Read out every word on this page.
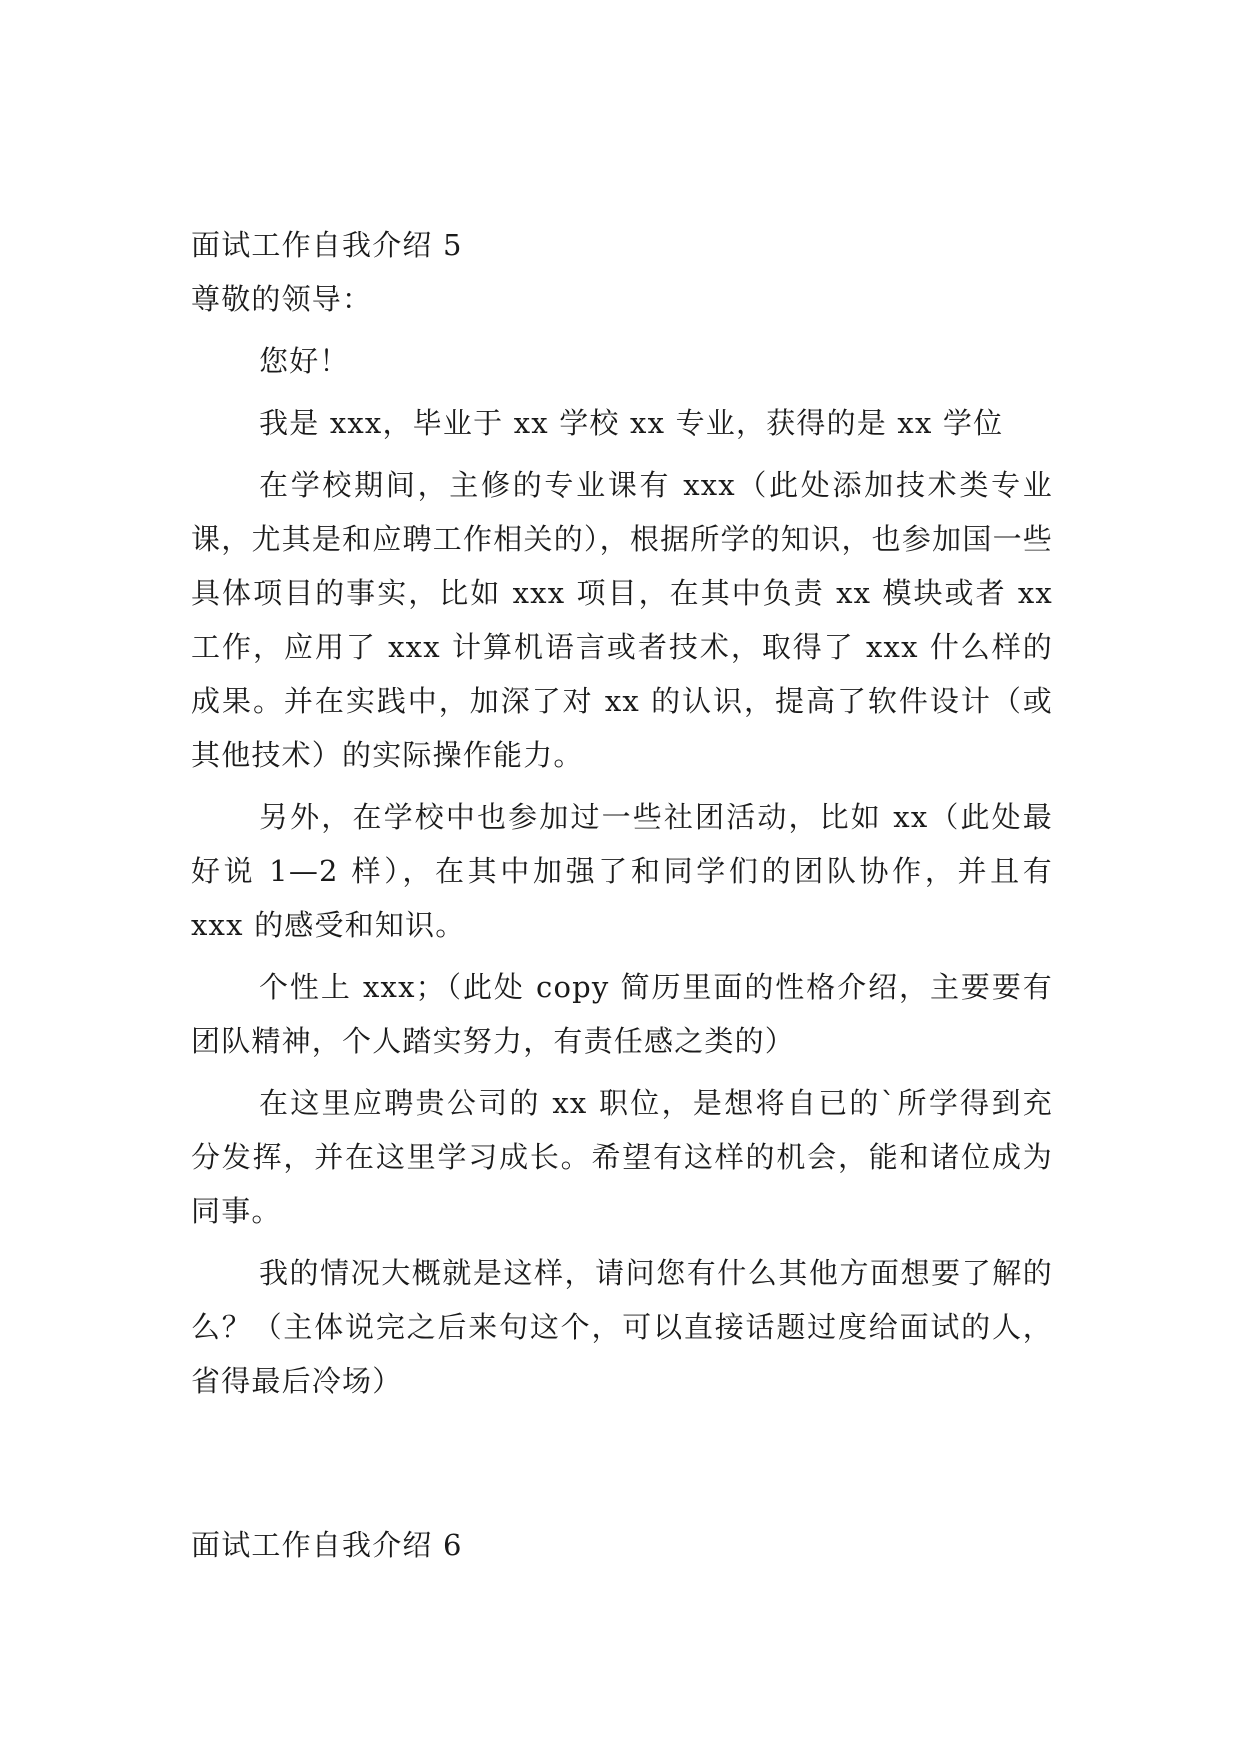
面试工作自我介绍 5

尊敬的领导：

您好！

我是 xxx，毕业于 xx 学校 xx 专业，获得的是 xx 学位

在学校期间，主修的专业课有 xxx（此处添加技术类专业课，尤其是和应聘工作相关的），根据所学的知识，也参加国一些具体项目的事实，比如 xxx 项目，在其中负责 xx 模块或者 xx 工作，应用了 xxx 计算机语言或者技术，取得了 xxx 什么样的成果。并在实践中，加深了对 xx 的认识，提高了软件设计（或其他技术）的实际操作能力。

另外，在学校中也参加过一些社团活动，比如 xx（此处最好说 1—2 样），在其中加强了和同学们的团队协作，并且有 xxx 的感受和知识。

个性上 xxx；（此处 copy 简历里面的性格介绍，主要要有团队精神，个人踏实努力，有责任感之类的）

在这里应聘贵公司的 xx 职位，是想将自已的`所学得到充分发挥，并在这里学习成长。希望有这样的机会，能和诸位成为同事。

我的情况大概就是这样，请问您有什么其他方面想要了解的么？（主体说完之后来句这个，可以直接话题过度给面试的人，省得最后冷场）

面试工作自我介绍 6
